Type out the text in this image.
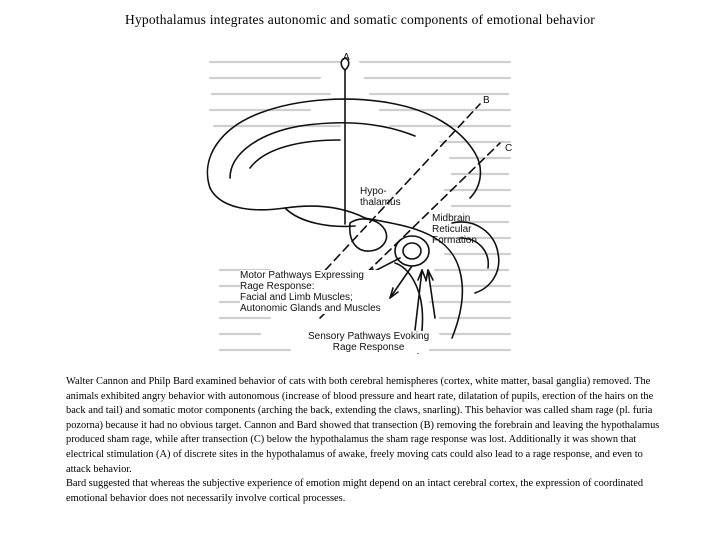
Hypothalamus integrates autonomic and somatic components of emotional behavior
A
B
C
Hypo-
thalamus
Midbrain
Reticular
Formation
Motor Pathways Expressing
Rage Response:
Facial and Limb Muscles;
Autonomic Glands and Muscles
Sensory Pathways Evoking
Rage Response

Walter Cannon and Philp Bard examined behavior of cats with both cerebral hemispheres (cortex, white matter, basal ganglia) removed. The animals exhibited angry behavior with autonomous (increase of blood pressure and heart rate, dilatation of pupils, erection of the hairs on the back and tail) and somatic motor components (arching the back, extending the claws, snarling). This behavior was called sham rage (pl. furia pozorna) because it had no obvious target. Cannon and Bard showed that transection (B) removing the forebrain and leaving the hypothalamus produced sham rage, while after transection (C) below the hypothalamus the sham rage response was lost. Additionally it was shown that electrical stimulation (A) of discrete sites in the hypothalamus of awake, freely moving cats could also lead to a rage response, and even to attack behavior.

Bard suggested that whereas the subjective experience of emotion might depend on an intact cerebral cortex, the expression of coordinated emotional behavior does not necessarily involve cortical processes.
